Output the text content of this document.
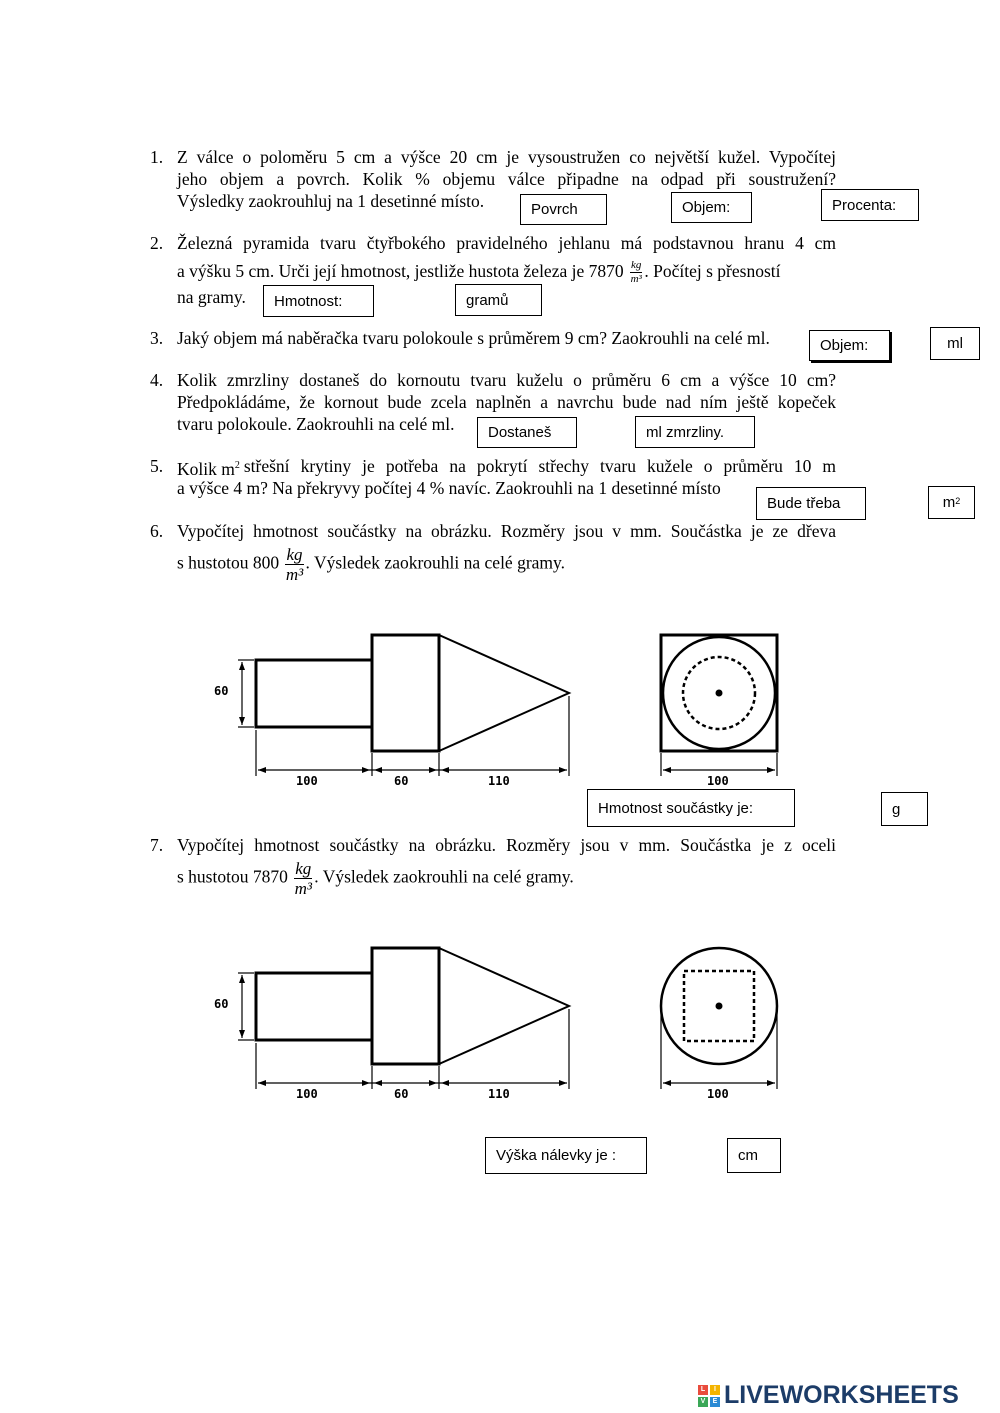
1. Z válce o poloměru 5 cm a výšce 20 cm je vysoustružen co největší kužel. Vypočítej
jeho objem a povrch. Kolik % objemu válce připadne na odpad při soustružení?
Výsledky zaokrouhluj na 1 desetinné místo.	Povrch	Objem:	Procenta:
2. Železná pyramida tvaru čtyřbokého pravidelného jehlanu má podstavnou hranu 4 cm
a výšku 5 cm. Urči její hmotnost, jestliže hustota železa je $7870 \frac{kg}{\text{m³}}$ . Počítej s přesností
na gramy.	Hmotnost:	gramů
3. Jaký objem má naběračka tvaru polokoule s průměrem 9 cm? Zaokrouhli na celé ml.	Objem:	ml
4. Kolik zmrzliny dostaneš do kornoutu tvaru kuželu o průměru 6 cm a výšce 10 cm?
Předpokládáme, že kornout bude zcela naplněn a navrchu bude nad ním ještě kopeček
tvaru polokoule. Zaokrouhli na celé ml.	Dostaneš	ml zmrzliny.
5. Kolik $m^2$ střešní krytiny je potřeba na pokrytí střechy tvaru kužele o průměru 10 m
a výšce 4 m? Na překryvy počítej 4 % navíc. Zaokrouhli na 1 desetinné místo
Bude třeba	$m^2$
6. Vypočítej hmotnost součástky na obrázku. Rozměry jsou v mm. Součástka je ze dřeva
s hustotou $800 \frac{kg}{\text{m³}}$ . Výsledek zaokrouhli na celé gramy.
60
100	60	110	100
Hmotnost součástky je:	g
7. Vypočítej hmotnost součástky na obrázku. Rozměry jsou v mm. Součástka je z oceli
s hustotou $7870 \frac{kg}{\text{m³}}$ . Výsledek zaokrouhli na celé gramy.
60
100	60	110	100
Výška nálevky je :	cm
L	I
V	E LIVEWORKSHEETS
